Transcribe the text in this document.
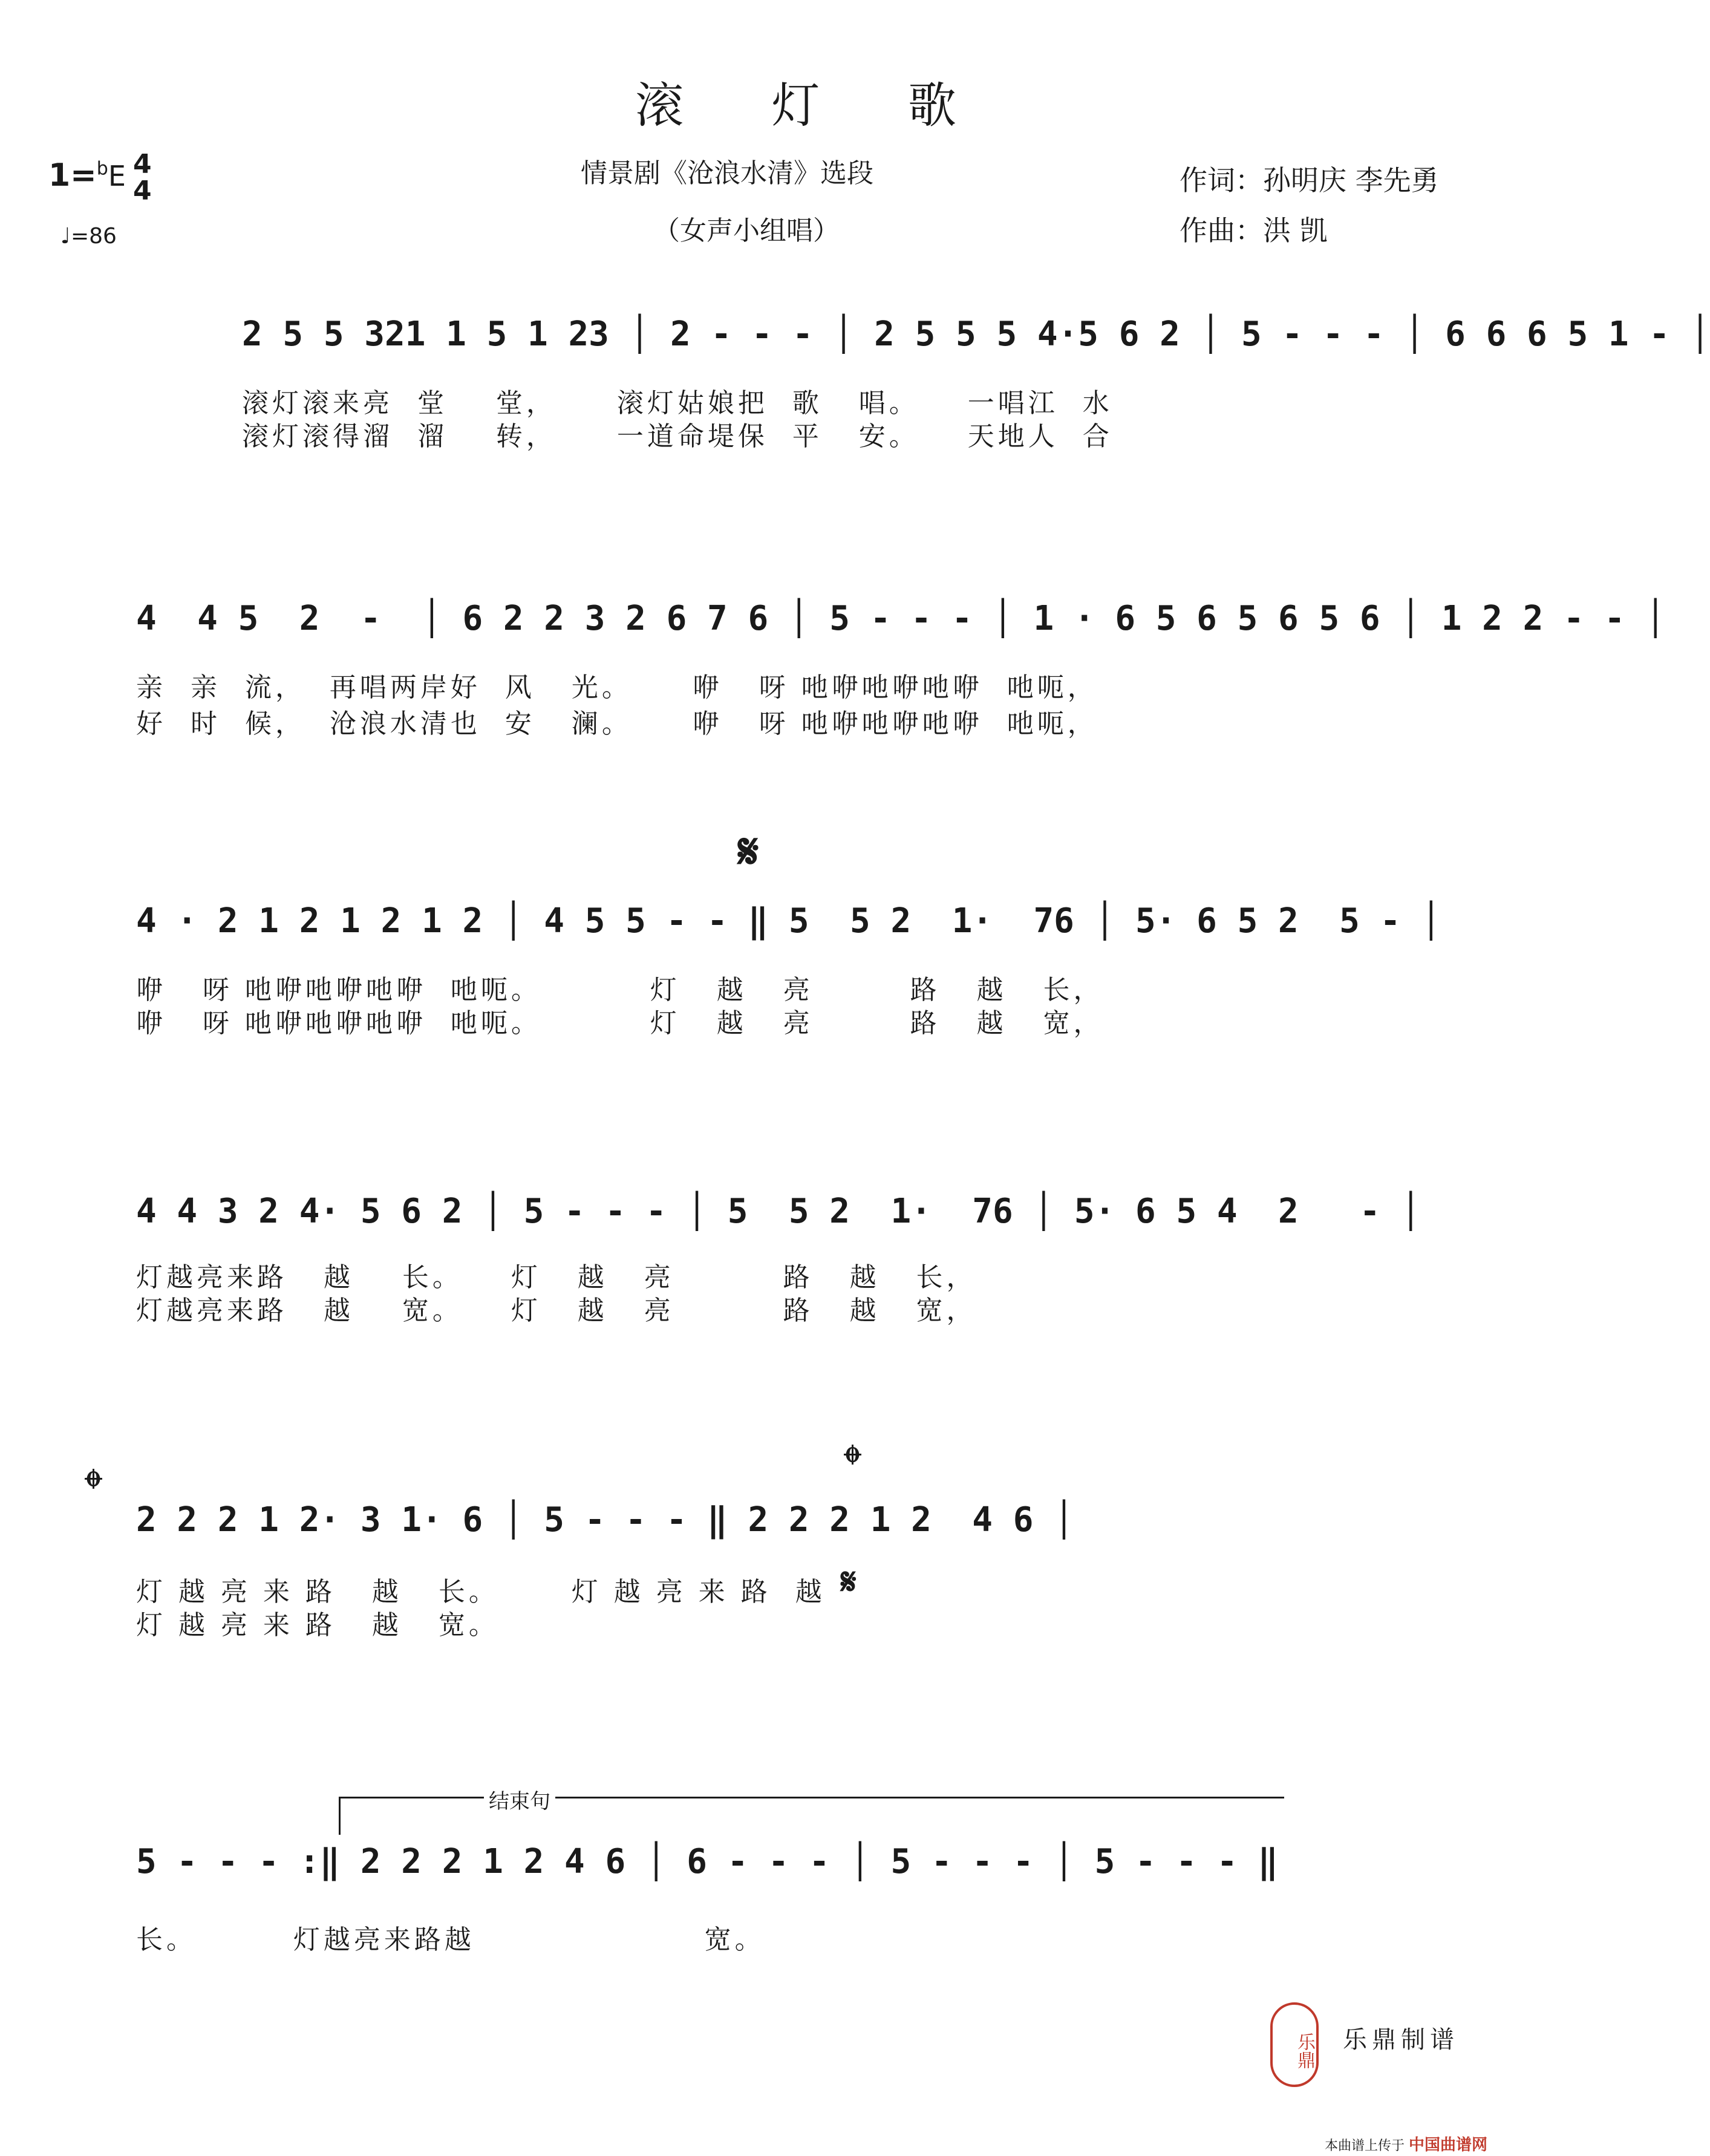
滚 灯 歌
情景剧《沧浪水清》选段
（女声小组唱）
1=$^b$E 4
4
♩=86
作词：孙明庆 李先勇
作曲：洪 凯

2 5 5 321 1 5 1 23 │ 2 - - - │ 2 5 5 5 4·5 6 2 │ 5 - - - │ 6 6 6 5 1 - │

滚灯滚来亮  堂    堂，     滚灯姑娘把  歌   唱。    一唱江  水
滚灯滚得溜  溜    转，     一道命堤保  平   安。    天地人  合

4  4 5  2  -  │ 6 2 2 3 2 6 7 6 │ 5 - - - │ 1 · 6 5 6 5 6 5 6 │ 1 2 2 - - │

亲  亲  流，  再唱两岸好  风   光。     咿   呀 吔咿吔咿吔咿  吔呃，
好  时  候，  沧浪水清也  安   澜。     咿   呀 吔咿吔咿吔咿  吔呃，
𝄋

4 · 2 1 2 1 2 1 2 │ 4 5 5 - - ‖ 5  5 2  1·  76 │ 5· 6 5 2  5 - │

咿   呀 吔咿吔咿吔咿  吔呃。         灯   越   亮        路   越   长，
咿   呀 吔咿吔咿吔咿  吔呃。         灯   越   亮        路   越   宽，

4 4 3 2 4· 5 6 2 │ 5 - - - │ 5  5 2  1·  76 │ 5· 6 5 4  2   - │

灯越亮来路   越    长。    灯   越   亮         路   越   长，
灯越亮来路   越    宽。    灯   越   亮         路   越   宽，
𝄌	𝄌

2 2 2 1 2· 3 1· 6 │ 5 - - - ‖ 2 2 2 1 2  4 6 │

𝄋
灯 越 亮 来 路   越   长。      灯 越 亮 来 路  越
灯 越 亮 来 路   越   宽。
结束句

5 - - - :‖ 2 2 2 1 2 4 6 │ 6 - - - │ 5 - - - │ 5 - - - ‖

长。        灯越亮来路越                   宽。
乐鼎 乐鼎制谱
本曲谱上传于 中国曲谱网
